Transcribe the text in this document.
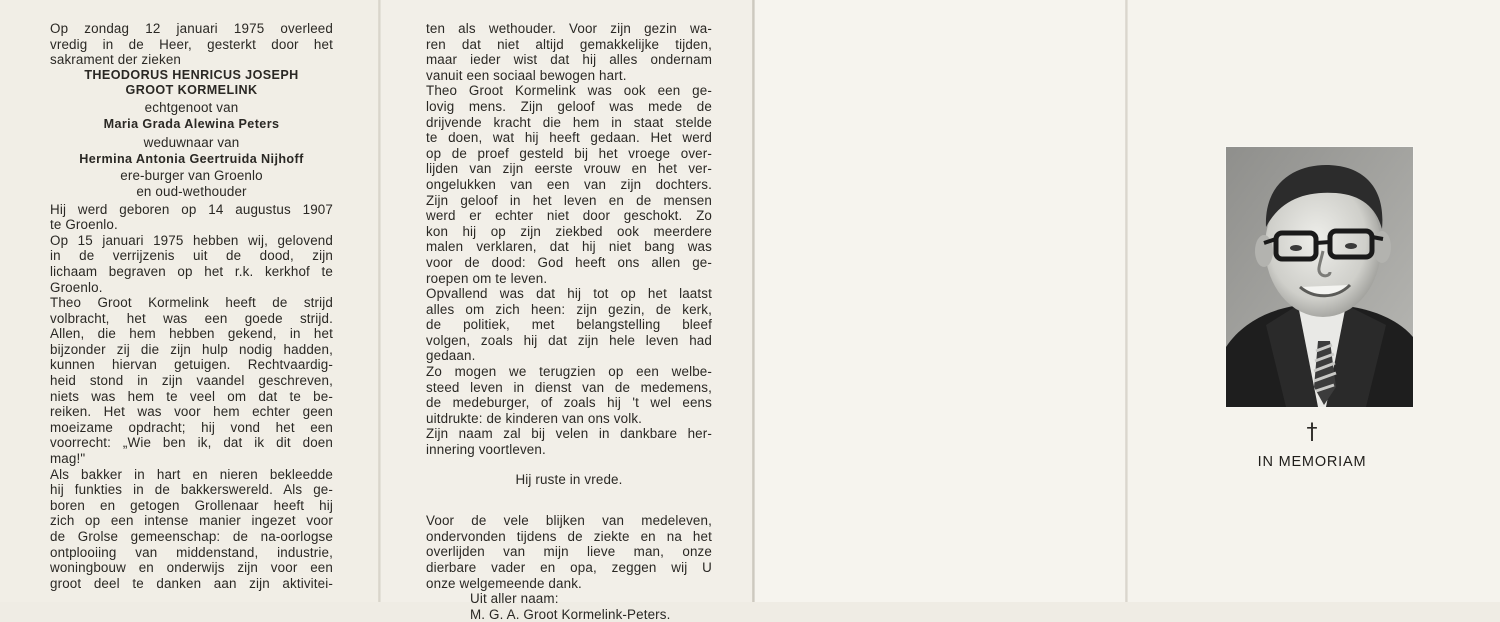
Op zondag 12 januari 1975 overleed

vredig in de Heer, gesterkt door het

sakrament der zieken

THEODORUS HENRICUS JOSEPH

GROOT KORMELINK

echtgenoot van

Maria Grada Alewina Peters

weduwnaar van

Hermina Antonia Geertruida Nijhoff

ere-burger van Groenlo

en oud-wethouder

Hij werd geboren op 14 augustus 1907

te Groenlo.

Op 15 januari 1975 hebben wij, gelovend

in de verrijzenis uit de dood, zijn

lichaam begraven op het r.k. kerkhof te

Groenlo.

Theo Groot Kormelink heeft de strijd

volbracht, het was een goede strijd.

Allen, die hem hebben gekend, in het

bijzonder zij die zijn hulp nodig hadden,

kunnen hiervan getuigen. Rechtvaardig-

heid stond in zijn vaandel geschreven,

niets was hem te veel om dat te be-

reiken. Het was voor hem echter geen

moeizame opdracht; hij vond het een

voorrecht: „Wie ben ik, dat ik dit doen

mag!"

Als bakker in hart en nieren bekleedde

hij funkties in de bakkerswereld. Als ge-

boren en getogen Grollenaar heeft hij

zich op een intense manier ingezet voor

de Grolse gemeenschap: de na-oorlogse

ontplooiing van middenstand, industrie,

woningbouw en onderwijs zijn voor een

groot deel te danken aan zijn aktivitei-

ten als wethouder. Voor zijn gezin wa-

ren dat niet altijd gemakkelijke tijden,

maar ieder wist dat hij alles ondernam

vanuit een sociaal bewogen hart.

Theo Groot Kormelink was ook een ge-

lovig mens. Zijn geloof was mede de

drijvende kracht die hem in staat stelde

te doen, wat hij heeft gedaan. Het werd

op de proef gesteld bij het vroege over-

lijden van zijn eerste vrouw en het ver-

ongelukken van een van zijn dochters.

Zijn geloof in het leven en de mensen

werd er echter niet door geschokt. Zo

kon hij op zijn ziekbed ook meerdere

malen verklaren, dat hij niet bang was

voor de dood: God heeft ons allen ge-

roepen om te leven.

Opvallend was dat hij tot op het laatst

alles om zich heen: zijn gezin, de kerk,

de politiek, met belangstelling bleef

volgen, zoals hij dat zijn hele leven had

gedaan.

Zo mogen we terugzien op een welbe-

steed leven in dienst van de medemens,

de medeburger, of zoals hij 't wel eens

uitdrukte: de kinderen van ons volk.

Zijn naam zal bij velen in dankbare her-

innering voortleven.

Hij ruste in vrede.

Voor de vele blijken van medeleven,

ondervonden tijdens de ziekte en na het

overlijden van mijn lieve man, onze

dierbare vader en opa, zeggen wij U

onze welgemeende dank.

Uit aller naam:

M. G. A. Groot Kormelink-Peters.

†
IN MEMORIAM
